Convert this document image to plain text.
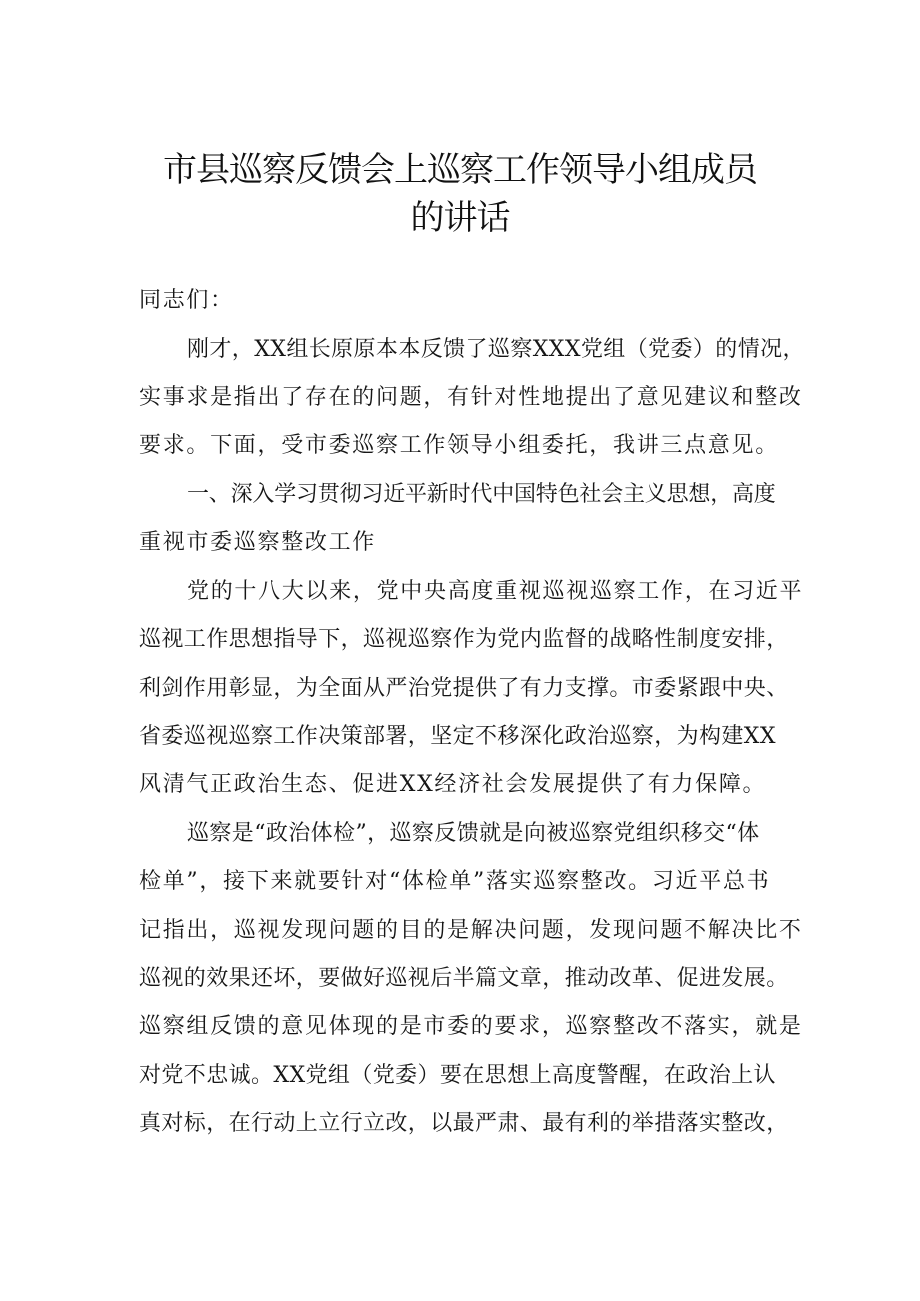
市县巡察反馈会上巡察工作领导小组成员
的讲话
同志们：
刚才，XX组长原原本本反馈了巡察XXX党组（党委）的情况，
实事求是指出了存在的问题，有针对性地提出了意见建议和整改
要求。下面，受市委巡察工作领导小组委托，我讲三点意见。
一、深入学习贯彻习近平新时代中国特色社会主义思想，高度
重视市委巡察整改工作
党的十八大以来，党中央高度重视巡视巡察工作，在习近平
巡视工作思想指导下，巡视巡察作为党内监督的战略性制度安排，
利剑作用彰显，为全面从严治党提供了有力支撑。市委紧跟中央、
省委巡视巡察工作决策部署，坚定不移深化政治巡察，为构建XX
风清气正政治生态、促进XX经济社会发展提供了有力保障。
巡察是“政治体检”，巡察反馈就是向被巡察党组织移交“体
检单”，接下来就要针对“体检单”落实巡察整改。习近平总书
记指出，巡视发现问题的目的是解决问题，发现问题不解决比不
巡视的效果还坏，要做好巡视后半篇文章，推动改革、促进发展。
巡察组反馈的意见体现的是市委的要求，巡察整改不落实，就是
对党不忠诚。XX党组（党委）要在思想上高度警醒，在政治上认
真对标，在行动上立行立改，以最严肃、最有利的举措落实整改，
